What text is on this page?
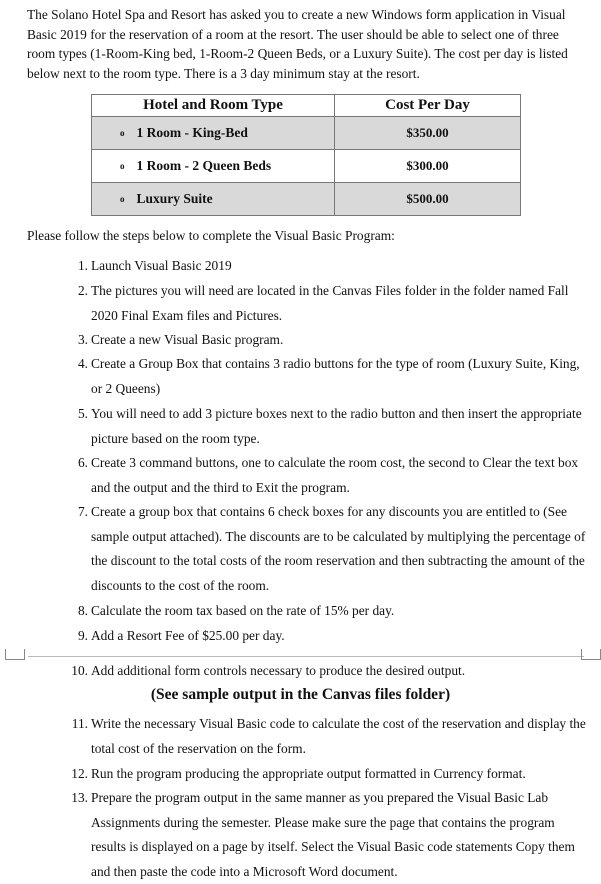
The Solano Hotel Spa and Resort has asked you to create a new Windows form application in Visual Basic 2019 for the reservation of a room at the resort. The user should be able to select one of three room types (1-Room-King bed, 1-Room-2 Queen Beds, or a Luxury Suite). The cost per day is listed below next to the room type. There is a 3 day minimum stay at the resort.

Hotel and Room Type	Cost Per Day
o 1 Room - King-Bed	$350.00
o 1 Room - 2 Queen Beds	$300.00
o Luxury Suite	$500.00

Please follow the steps below to complete the Visual Basic Program:

1. Launch Visual Basic 2019
2. The pictures you will need are located in the Canvas Files folder in the folder named Fall 2020 Final Exam files and Pictures.
3. Create a new Visual Basic program.
4. Create a Group Box that contains 3 radio buttons for the type of room (Luxury Suite, King, or 2 Queens)
5. You will need to add 3 picture boxes next to the radio button and then insert the appropriate picture based on the room type.
6. Create 3 command buttons, one to calculate the room cost, the second to Clear the text box and the output and the third to Exit the program.
7. Create a group box that contains 6 check boxes for any discounts you are entitled to (See sample output attached). The discounts are to be calculated by multiplying the percentage of the discount to the total costs of the room reservation and then subtracting the amount of the discounts to the cost of the room.
8. Calculate the room tax based on the rate of 15% per day.
9. Add a Resort Fee of $25.00 per day.
10. Add additional form controls necessary to produce the desired output.
(See sample output in the Canvas files folder)
11. Write the necessary Visual Basic code to calculate the cost of the reservation and display the total cost of the reservation on the form.
12. Run the program producing the appropriate output formatted in Currency format.
13. Prepare the program output in the same manner as you prepared the Visual Basic Lab Assignments during the semester. Please make sure the page that contains the program results is displayed on a page by itself. Select the Visual Basic code statements Copy them and then paste the code into a Microsoft Word document.
